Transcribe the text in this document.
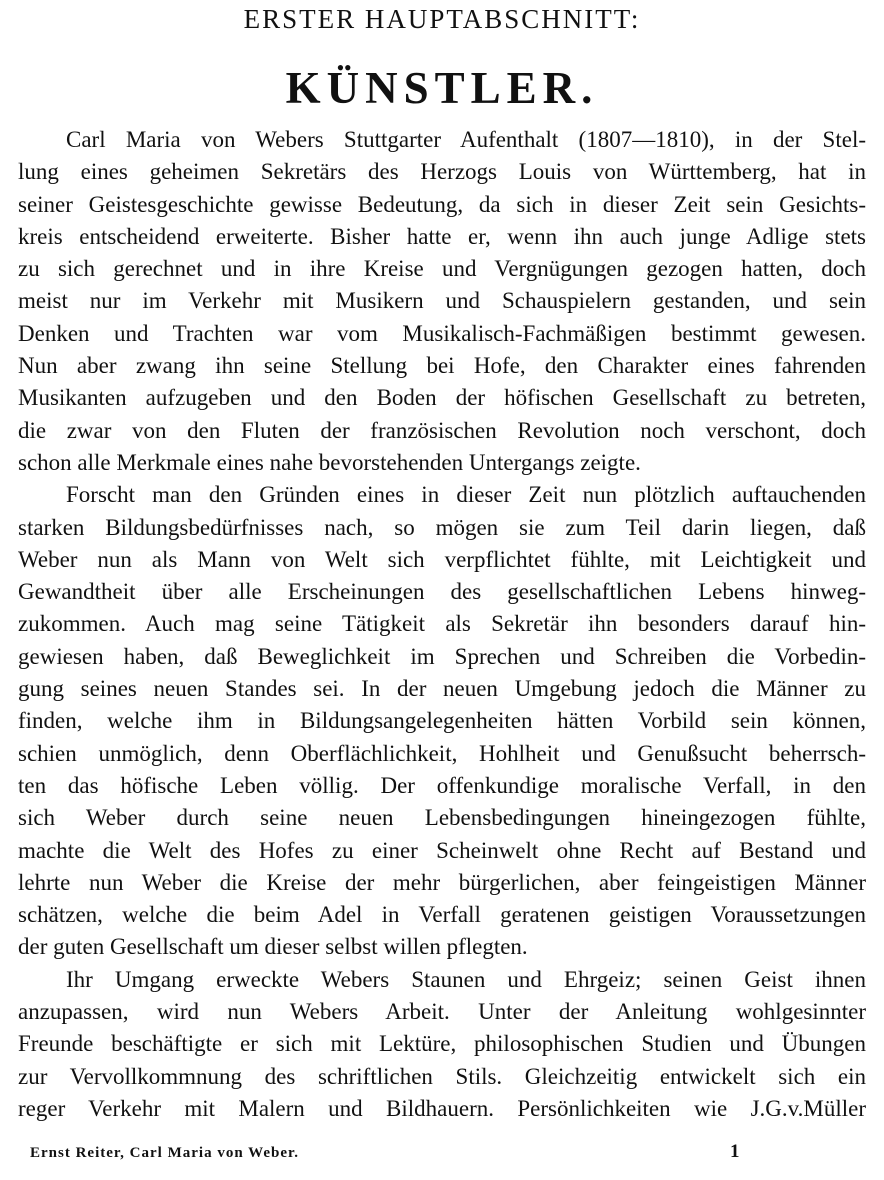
ERSTER HAUPTABSCHNITT:
KÜNSTLER.
Carl Maria von Webers Stuttgarter Aufenthalt (1807—1810), in der Stel-
lung eines geheimen Sekretärs des Herzogs Louis von Württemberg, hat in
seiner Geistesgeschichte gewisse Bedeutung, da sich in dieser Zeit sein Gesichts-
kreis entscheidend erweiterte. Bisher hatte er, wenn ihn auch junge Adlige stets
zu sich gerechnet und in ihre Kreise und Vergnügungen gezogen hatten, doch
meist nur im Verkehr mit Musikern und Schauspielern gestanden, und sein
Denken und Trachten war vom Musikalisch-Fachmäßigen bestimmt gewesen.
Nun aber zwang ihn seine Stellung bei Hofe, den Charakter eines fahrenden
Musikanten aufzugeben und den Boden der höfischen Gesellschaft zu betreten,
die zwar von den Fluten der französischen Revolution noch verschont, doch
schon alle Merkmale eines nahe bevorstehenden Untergangs zeigte.
Forscht man den Gründen eines in dieser Zeit nun plötzlich auftauchenden
starken Bildungsbedürfnisses nach, so mögen sie zum Teil darin liegen, daß
Weber nun als Mann von Welt sich verpflichtet fühlte, mit Leichtigkeit und
Gewandtheit über alle Erscheinungen des gesellschaftlichen Lebens hinweg-
zukommen. Auch mag seine Tätigkeit als Sekretär ihn besonders darauf hin-
gewiesen haben, daß Beweglichkeit im Sprechen und Schreiben die Vorbedin-
gung seines neuen Standes sei. In der neuen Umgebung jedoch die Männer zu
finden, welche ihm in Bildungsangelegenheiten hätten Vorbild sein können,
schien unmöglich, denn Oberflächlichkeit, Hohlheit und Genußsucht beherrsch-
ten das höfische Leben völlig. Der offenkundige moralische Verfall, in den
sich Weber durch seine neuen Lebensbedingungen hineingezogen fühlte,
machte die Welt des Hofes zu einer Scheinwelt ohne Recht auf Bestand und
lehrte nun Weber die Kreise der mehr bürgerlichen, aber feingeistigen Männer
schätzen, welche die beim Adel in Verfall geratenen geistigen Voraussetzungen
der guten Gesellschaft um dieser selbst willen pflegten.
Ihr Umgang erweckte Webers Staunen und Ehrgeiz; seinen Geist ihnen
anzupassen, wird nun Webers Arbeit. Unter der Anleitung wohlgesinnter
Freunde beschäftigte er sich mit Lektüre, philosophischen Studien und Übungen
zur Vervollkommnung des schriftlichen Stils. Gleichzeitig entwickelt sich ein
reger Verkehr mit Malern und Bildhauern. Persönlichkeiten wie J.G.v.Müller
Ernst Reiter, Carl Maria von Weber.	1
